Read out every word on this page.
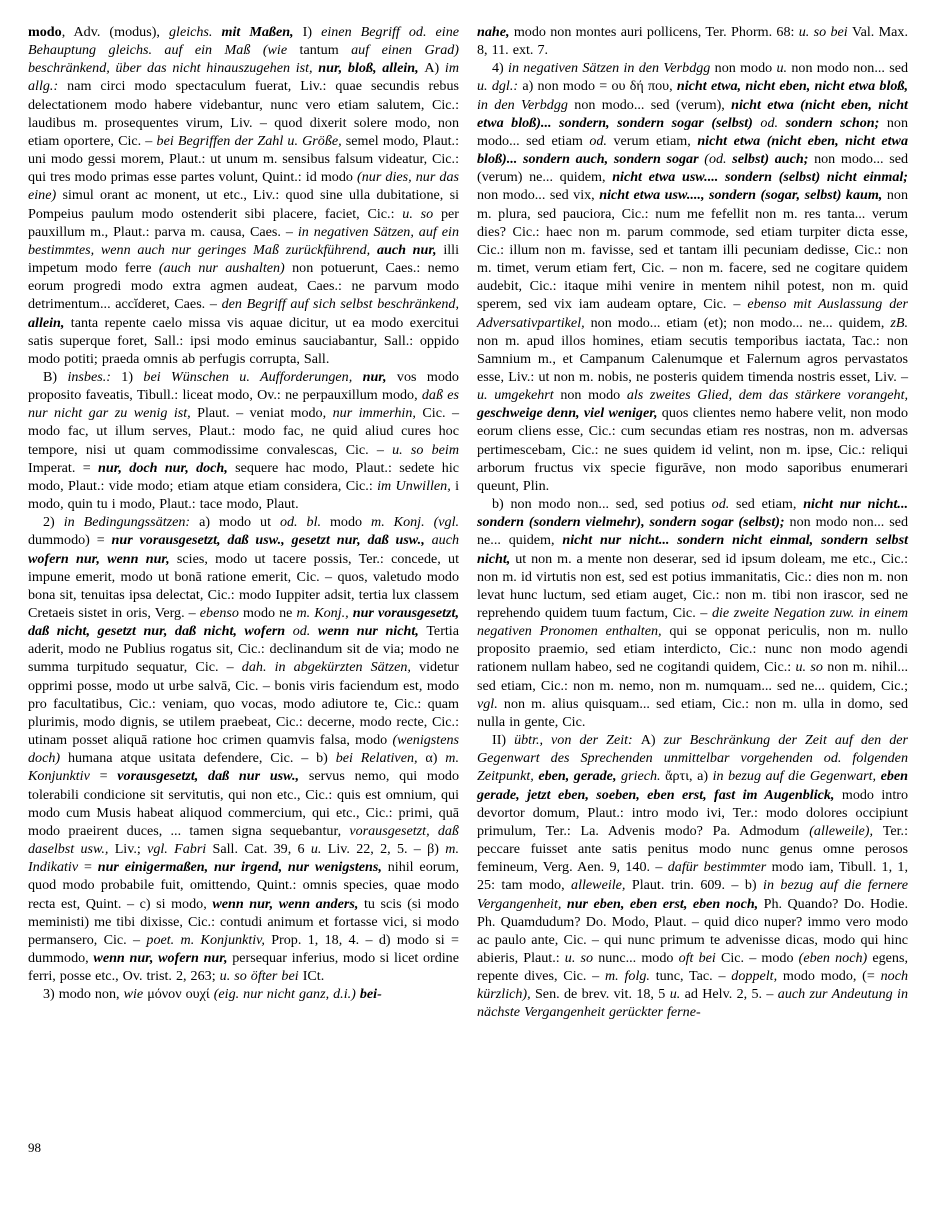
modo, Adv. (modus), gleichs. mit Maßen, I) einen Begriff od. eine Behauptung gleichs. auf ein Maß (wie tantum auf einen Grad) beschränkend, über das nicht hinauszugehen ist, nur, bloß, allein, A) im allg.: nam circi modo spectaculum fuerat, Liv.: quae secundis rebus delectationem modo habere videbantur, nunc vero etiam salutem, Cic.: laudibus m. prosequentes virum, Liv. – quod dixerit solere modo, non etiam oportere, Cic. – bei Begriffen der Zahl u. Größe, semel modo, Plaut.: uni modo gessi morem, Plaut.: ut unum m. sensibus falsum videatur, Cic.: qui tres modo primas esse partes volunt, Quint.: id modo (nur dies, nur das eine) simul orant ac monent, ut etc., Liv.: quod sine ulla dubitatione, si Pompeius paulum modo ostenderit sibi placere, faciet, Cic.: u. so per pauxillum m., Plaut.: parva m. causa, Caes. – in negativen Sätzen, auf ein bestimmtes, wenn auch nur geringes Maß zurückführend, auch nur, illi impetum modo ferre (auch nur aushalten) non potuerunt, Caes.: nemo eorum progredi modo extra agmen audeat, Caes.: ne parvum modo detrimentum... accĭderet, Caes. – den Begriff auf sich selbst beschränkend, allein, tanta repente caelo missa vis aquae dicitur, ut ea modo exercitui satis superque foret, Sall.: ipsi modo eminus sauciabantur, Sall.: oppido modo potiti; praeda omnis ab perfugis corrupta, Sall.

B) insbes.: 1) bei Wünschen u. Aufforderungen, nur, vos modo proposito faveatis, Tibull.: liceat modo, Ov.: ne perpauxillum modo, daß es nur nicht gar zu wenig ist, Plaut. – veniat modo, nur immerhin, Cic. – modo fac, ut illum serves, Plaut.: modo fac, ne quid aliud cures hoc tempore, nisi ut quam commodissime convalescas, Cic. – u. so beim Imperat. = nur, doch nur, doch, sequere hac modo, Plaut.: sedete hic modo, Plaut.: vide modo; etiam atque etiam considera, Cic.: im Unwillen, i modo, quin tu i modo, Plaut.: tace modo, Plaut.

2) in Bedingungssätzen: a) modo ut od. bl. modo m. Konj. (vgl. dummodo) = nur vorausgesetzt, daß usw., gesetzt nur, daß usw., auch wofern nur, wenn nur, scies, modo ut tacere possis, Ter.: concede, ut impune emerit, modo ut bonā ratione emerit, Cic. – quos, valetudo modo bona sit, tenuitas ipsa delectat, Cic.: modo Iuppiter adsit, tertia lux classem Cretaeis sistet in oris, Verg. – ebenso modo ne m. Konj., nur vorausgesetzt, daß nicht, gesetzt nur, daß nicht, wofern od. wenn nur nicht, Tertia aderit, modo ne Publius rogatus sit, Cic.: declinandum sit de via; modo ne summa turpitudo sequatur, Cic. – dah. in abgekürzten Sätzen, videtur opprimi posse, modo ut urbe salvā, Cic. – bonis viris faciendum est, modo pro facultatibus, Cic.: veniam, quo vocas, modo adiutore te, Cic.: quam plurimis, modo dignis, se utilem praebeat, Cic.: decerne, modo recte, Cic.: utinam posset aliquā ratione hoc crimen quamvis falsa, modo (wenigstens doch) humana atque usitata defendere, Cic. – b) bei Relativen, α) m. Konjunktiv = vorausgesetzt, daß nur usw., servus nemo, qui modo tolerabili condicione sit servitutis, qui non etc., Cic.: quis est omnium, qui modo cum Musis habeat aliquod commercium, qui etc., Cic.: primi, quā modo praeirent duces, ... tamen signa sequebantur, vorausgesetzt, daß daselbst usw., Liv.; vgl. Fabri Sall. Cat. 39, 6 u. Liv. 22, 2, 5. – β) m. Indikativ = nur einigermaßen, nur irgend, nur wenigstens, nihil eorum, quod modo probabile fuit, omittendo, Quint.: omnis species, quae modo recta est, Quint. – c) si modo, wenn nur, wenn anders, tu scis (si modo meministi) me tibi dixisse, Cic.: contudi animum et fortasse vici, si modo permansero, Cic. – poet. m. Konjunktiv, Prop. 1, 18, 4. – d) modo si = dummodo, wenn nur, wofern nur, persequar inferius, modo si licet ordine ferri, posse etc., Ov. trist. 2, 263; u. so öfter bei ICt.

3) modo non, wie μόνον ουχί (eig. nur nicht ganz, d.i.) bei-

nahe, modo non montes auri pollicens, Ter. Phorm. 68: u. so bei Val. Max. 8, 11. ext. 7.

4) in negativen Sätzen in den Verbdgg non modo u. non modo non... sed u. dgl.: a) non modo = ου δή που, nicht etwa, nicht eben, nicht etwa bloß, in den Verbdgg non modo... sed (verum), nicht etwa (nicht eben, nicht etwa bloß)... sondern, sondern sogar (selbst) od. sondern schon; non modo... sed etiam od. verum etiam, nicht etwa (nicht eben, nicht etwa bloß)... sondern auch, sondern sogar (od. selbst) auch; non modo... sed (verum) ne... quidem, nicht etwa usw.... sondern (selbst) nicht einmal; non modo... sed vix, nicht etwa usw...., sondern (sogar, selbst) kaum, non m. plura, sed pauciora, Cic.: num me fefellit non m. res tanta... verum dies? Cic.: haec non m. parum commode, sed etiam turpiter dicta esse, Cic.: illum non m. favisse, sed et tantam illi pecuniam dedisse, Cic.: non m. timet, verum etiam fert, Cic. – non m. facere, sed ne cogitare quidem audebit, Cic.: itaque mihi venire in mentem nihil potest, non m. quid sperem, sed vix iam audeam optare, Cic. – ebenso mit Auslassung der Adversativpartikel, non modo... etiam (et); non modo... ne... quidem, zB. non m. apud illos homines, etiam secutis temporibus iactata, Tac.: non Samnium m., et Campanum Calenumque et Falernum agros pervastatos esse, Liv.: ut non m. nobis, ne posteris quidem timenda nostris esset, Liv. – u. umgekehrt non modo als zweites Glied, dem das stärkere vorangeht, geschweige denn, viel weniger, quos clientes nemo habere velit, non modo eorum cliens esse, Cic.: cum secundas etiam res nostras, non m. adversas pertimescebam, Cic.: ne sues quidem id velint, non m. ipse, Cic.: reliqui arborum fructus vix specie figurāve, non modo saporibus enumerari queunt, Plin.

b) non modo non... sed, sed potius od. sed etiam, nicht nur nicht... sondern (sondern vielmehr), sondern sogar (selbst); non modo non... sed ne... quidem, nicht nur nicht... sondern nicht einmal, sondern selbst nicht, ut non m. a mente non deserar, sed id ipsum doleam, me etc., Cic.: non m. id virtutis non est, sed est potius immanitatis, Cic.: dies non m. non levat hunc luctum, sed etiam auget, Cic.: non m. tibi non irascor, sed ne reprehendo quidem tuum factum, Cic. – die zweite Negation zuw. in einem negativen Pronomen enthalten, qui se opponat periculis, non m. nullo proposito praemio, sed etiam interdicto, Cic.: nunc non modo agendi rationem nullam habeo, sed ne cogitandi quidem, Cic.: u. so non m. nihil... sed etiam, Cic.: non m. nemo, non m. numquam... sed ne... quidem, Cic.; vgl. non m. alius quisquam... sed etiam, Cic.: non m. ulla in domo, sed nulla in gente, Cic.

II) übtr., von der Zeit: A) zur Beschränkung der Zeit auf den der Gegenwart des Sprechenden unmittelbar vorgehenden od. folgenden Zeitpunkt, eben, gerade, griech. ἄρτι, a) in bezug auf die Gegenwart, eben gerade, jetzt eben, soeben, eben erst, fast im Augenblick, modo intro devortor domum, Plaut.: intro modo ivi, Ter.: modo dolores occipiunt primulum, Ter.: La. Advenis modo? Pa. Admodum (alleweile), Ter.: peccare fuisset ante satis penitus modo nunc genus omne perosos femineum, Verg. Aen. 9, 140. – dafür bestimmter modo iam, Tibull. 1, 1, 25: tam modo, alleweile, Plaut. trin. 609. – b) in bezug auf die fernere Vergangenheit, nur eben, eben erst, eben noch, Ph. Quando? Do. Hodie. Ph. Quamdudum? Do. Modo, Plaut. – quid dico nuper? immo vero modo ac paulo ante, Cic. – qui nunc primum te advenisse dicas, modo qui hinc abieris, Plaut.: u. so nunc... modo oft bei Cic. – modo (eben noch) egens, repente dives, Cic. – m. folg. tunc, Tac. – doppelt, modo modo, (= noch kürzlich), Sen. de brev. vit. 18, 5 u. ad Helv. 2, 5. – auch zur Andeutung in nächste Vergangenheit gerückter ferne-

98
